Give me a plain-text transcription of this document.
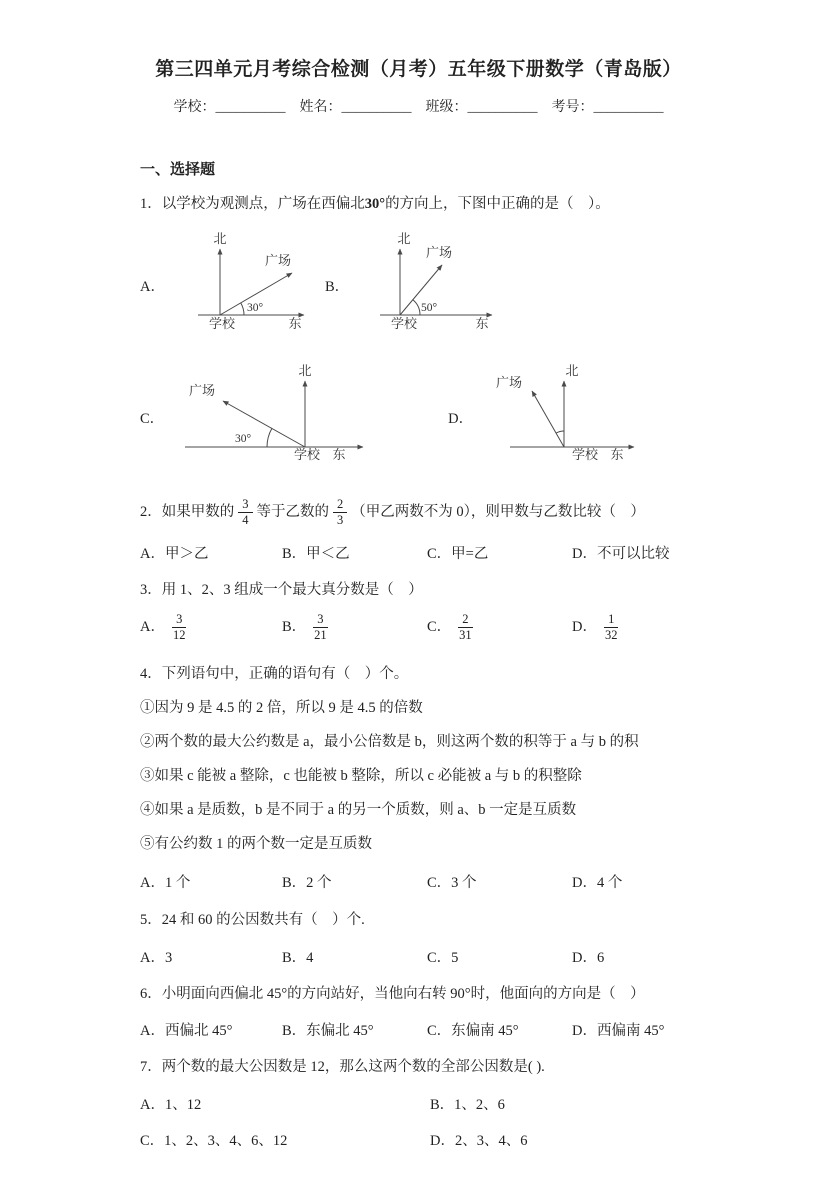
第三四单元月考综合检测（月考）五年级下册数学（青岛版）
学校：__________ 姓名：__________ 班级：__________ 考号：__________
一、选择题
1．以学校为观测点，广场在西偏北30°的方向上，下图中正确的是（　）。
A．
北
东
学校
广场
30°
B．
北
东
学校
广场
50°
C．
北
东
学校
广场
30°
D．
北
东
学校
广场
2．如果甲数的 $\frac{3}{4}$ 等于乙数的 $\frac{2}{3}$ （甲乙两数不为 0），则甲数与乙数比较（　）
A．甲＞乙	B．甲＜乙	C．甲=乙	D．不可以比较
3．用 1、2、3 组成一个最大真分数是（　）
A． $\frac{3}{12}$	B． $\frac{3}{21}$	C． $\frac{2}{31}$	D． $\frac{1}{32}$
4．下列语句中，正确的语句有（　）个。
①因为 9 是 4.5 的 2 倍，所以 9 是 4.5 的倍数
②两个数的最大公约数是 a，最小公倍数是 b，则这两个数的积等于 a 与 b 的积
③如果 c 能被 a 整除，c 也能被 b 整除，所以 c 必能被 a 与 b 的积整除
④如果 a 是质数，b 是不同于 a 的另一个质数，则 a、b 一定是互质数
⑤有公约数 1 的两个数一定是互质数
A．1 个	B．2 个	C．3 个	D．4 个
5．24 和 60 的公因数共有（　）个.
A．3	B．4	C．5	D．6
6．小明面向西偏北 45°的方向站好，当他向右转 90°时，他面向的方向是（　）
A．西偏北 45°	B．东偏北 45°	C．东偏南 45°	D．西偏南 45°
7．两个数的最大公因数是 12，那么这两个数的全部公因数是( ).
A．1、12	B．1、2、6
C．1、2、3、4、6、12	D．2、3、4、6
